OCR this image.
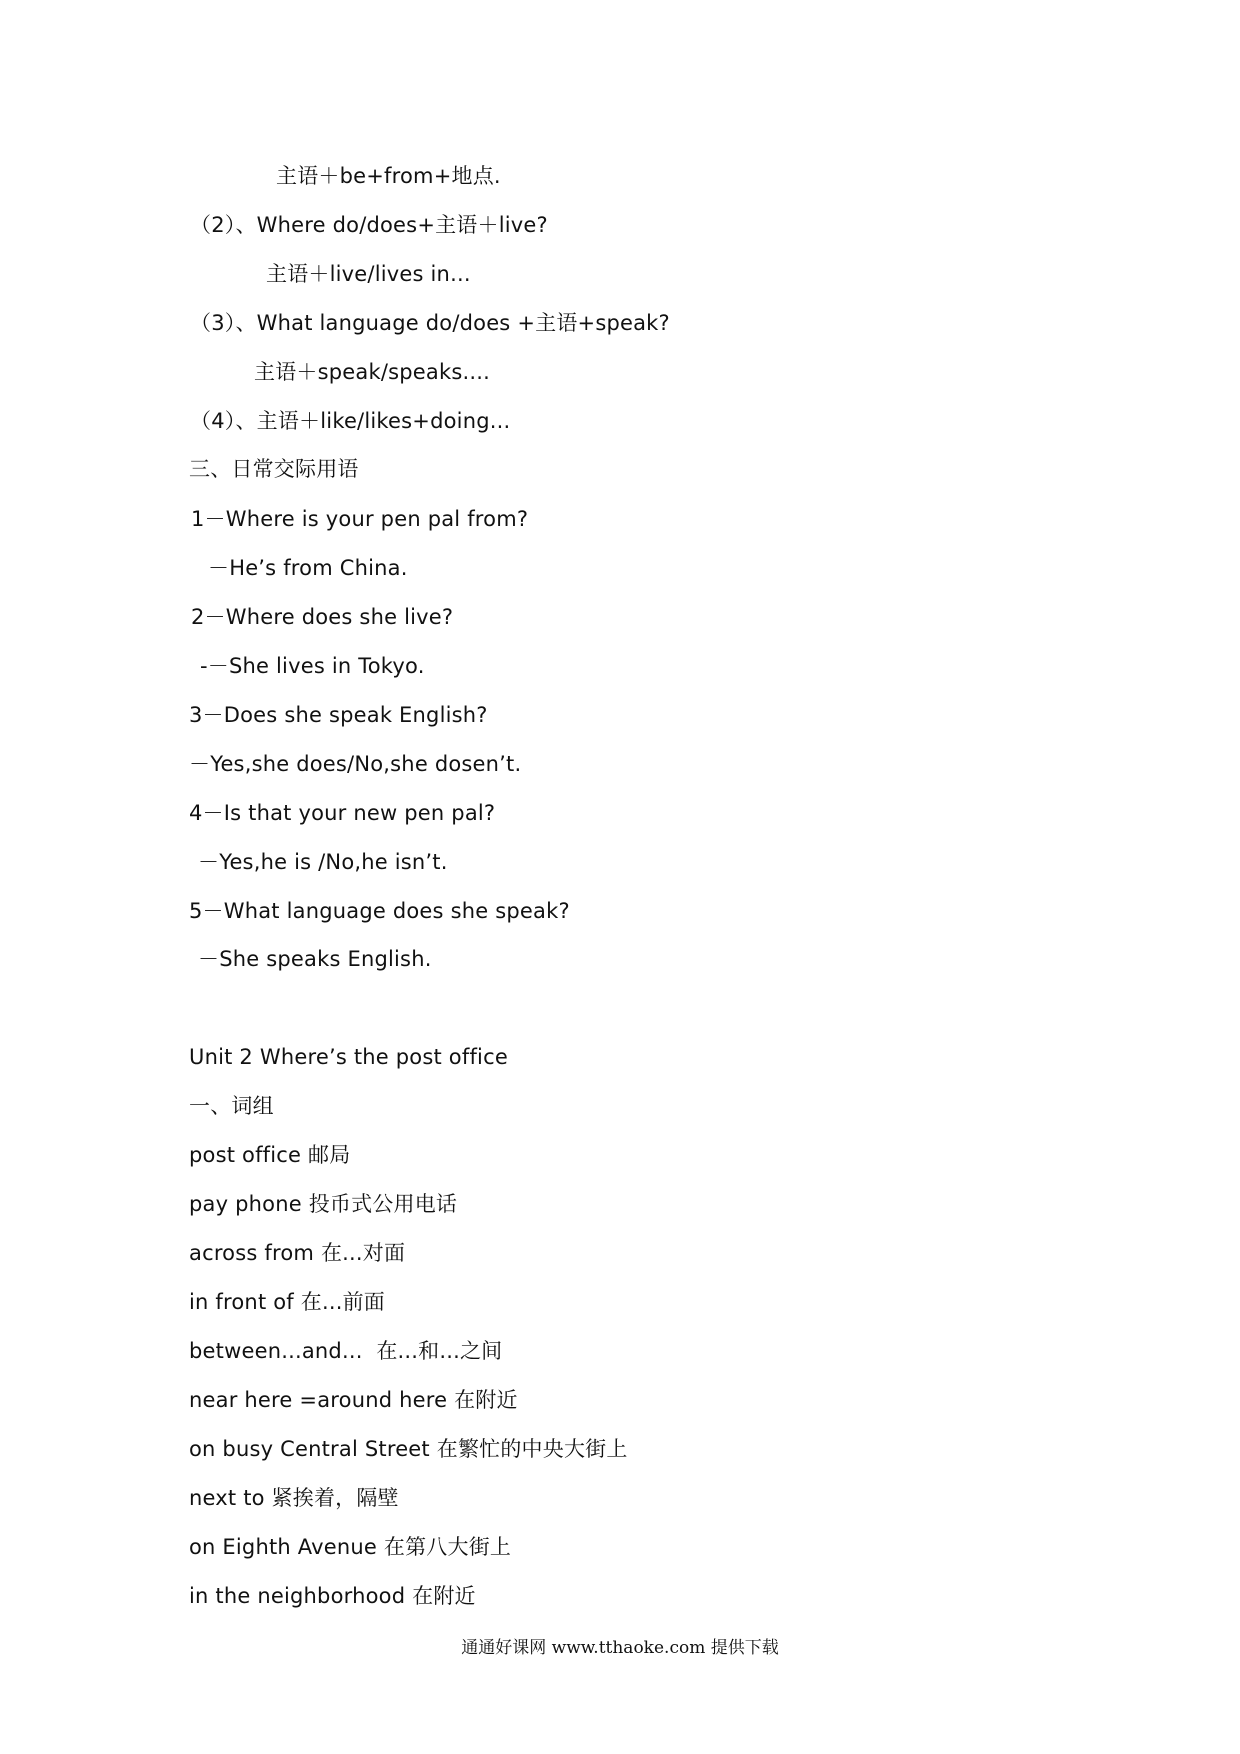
主语＋be+from+地点.
（2）、Where do/does+主语＋live?
主语＋live/lives in...
（3）、What language do/does +主语+speak?
主语＋speak/speaks....
（4）、主语＋like/likes+doing...
三、日常交际用语
1－Where is your pen pal from?
－He’s from China.
2－Where does she live?
-－She lives in Tokyo.
3－Does she speak English?
－Yes,she does/No,she dosen’t.
4－Is that your new pen pal?
－Yes,he is /No,he isn’t.
5－What language does she speak?
－She speaks English.
Unit 2 Where’s the post office
一、词组
post office 邮局
pay phone 投币式公用电话
across from 在...对面
in front of 在...前面
between...and...  在...和...之间
near here =around here 在附近
on busy Central Street 在繁忙的中央大街上
next to 紧挨着，隔壁
on Eighth Avenue 在第八大街上
in the neighborhood 在附近
通通好课网 www.tthaoke.com 提供下载
